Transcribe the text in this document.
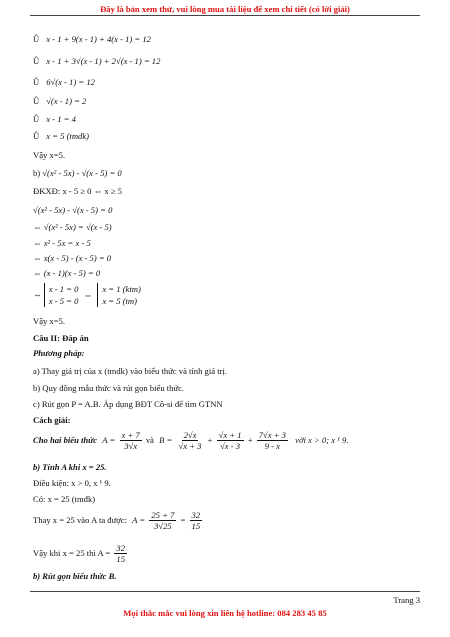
Đây là bản xem thử, vui lòng mua tài liệu để xem chi tiết (có lời giải)
Û x - 1 + 9(x - 1) + 4(x - 1) = 12
Û x - 1 + 3√(x - 1) + 2√(x - 1) = 12
Û 6√(x - 1) = 12
Û √(x - 1) = 2
Û x - 1 = 4
Û x = 5 (tmdk)
Vậy x=5.
b) √(x² - 5x) - √(x - 5) = 0
ĐKXĐ: x - 5 ≥ 0 ⇔ x ≥ 5
√(x² - 5x) - √(x - 5) = 0
⇔ √(x² - 5x) = √(x - 5)
⇔ x² - 5x = x - 5
⇔ x(x - 5) - (x - 5) = 0
⇔ (x - 1)(x - 5) = 0
⇔ x - 1 = 0
x - 5 = 0 ⇔ x = 1 (ktm)
x = 5 (tm)
Vậy x=5.
Câu II: Đáp án
Phương pháp:
a) Thay giá trị của x (tmdk) vào biểu thức và tính giá trị.
b) Quy đồng mẫu thức và rút gọn biểu thức.
c) Rút gọn P = A.B. Áp dụng BĐT Cô-si để tìm GTNN
Cách giải:
Cho hai biểu thức $A = \frac{x + 7}{3√x}$ và $B = \frac{2√x}{√x + 3} + \frac{√x + 1}{√x - 3} + \frac{7√x + 3}{9 - x}$ với x > 0; x ¹ 9.
b) Tính A khi x = 25.
Điều kiện: x > 0, x ¹ 9.
Có: x = 25 (tmđk)
Thay x = 25 vào A ta được: $A = \frac{25 + 7}{3√25} = \frac{32}{15}$
Vậy khi x = 25 thì $A = \frac{32}{15}$
b) Rút gọn biểu thức B.
Trang 3
Mọi thắc mắc vui lòng xin liên hệ hotline: 084 283 45 85
